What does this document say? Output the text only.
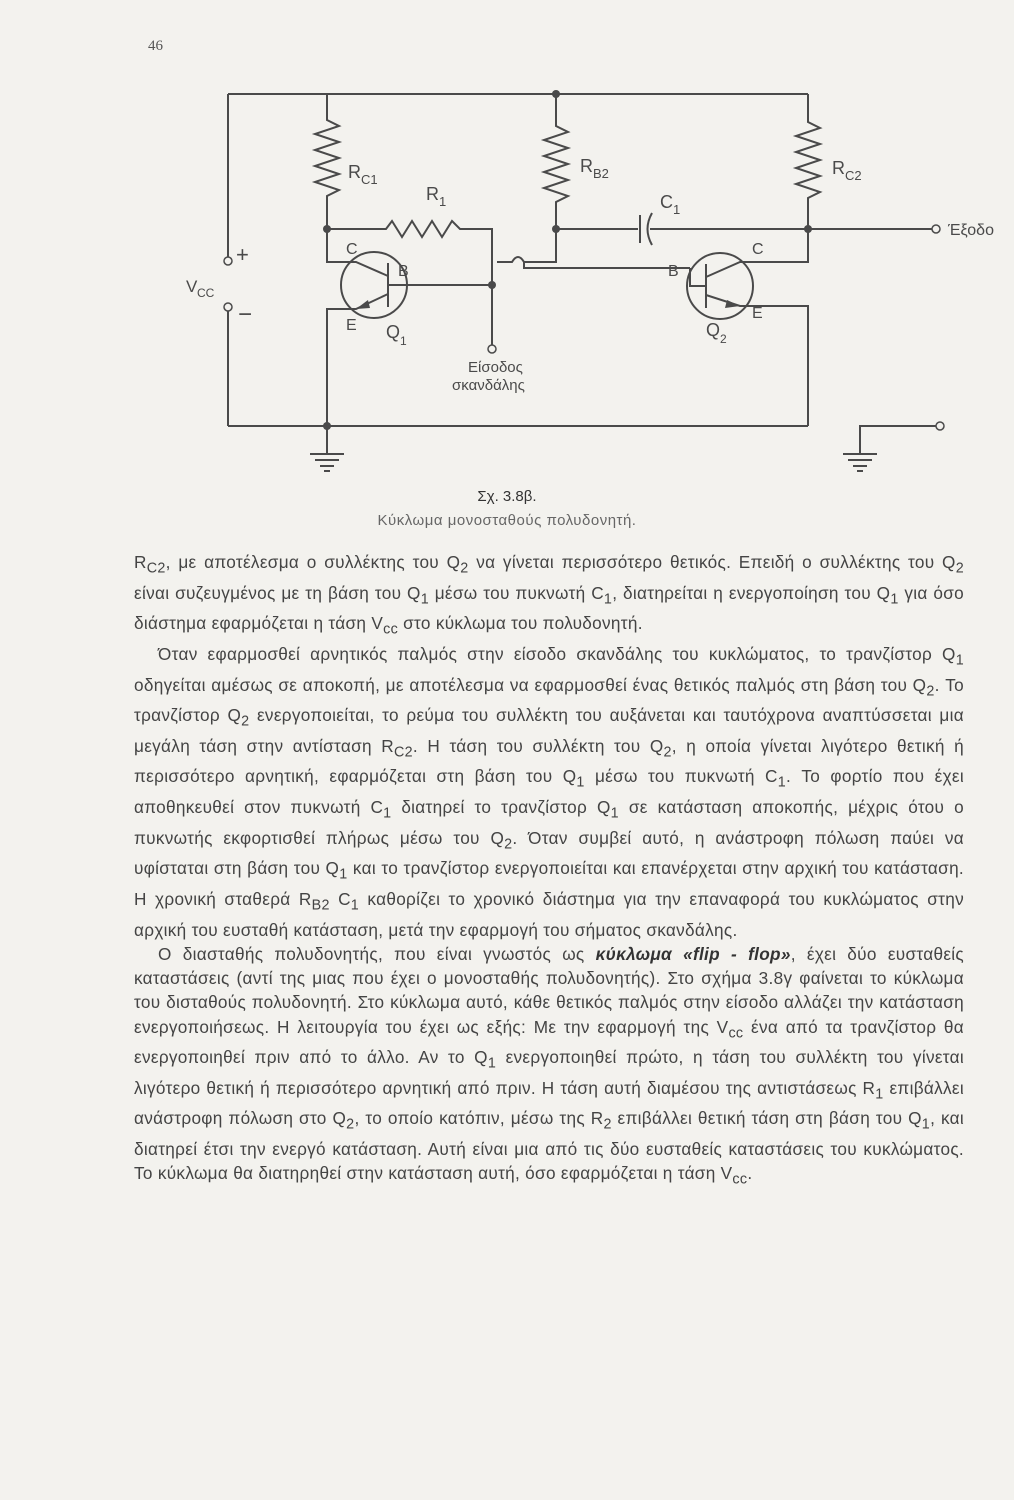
46
+
−
V CC
R C1
R 1
R B2
C 1
R C2
Έξοδο
C
B
E Q 1
C
B
E
Q 2
Είσοδος
σκανδάλης
Σχ. 3.8β.
Κύκλωμα μονοσταθούς πολυδονητή.

$R_{C2}$, με αποτέλεσμα ο συλλέκτης του $Q_2$ να γίνεται περισσότερο θετικός. Επειδή ο συλλέκτης του $Q_2$ είναι συζευγμένος με τη βάση του $Q_1$ μέσω του πυκνωτή $C_1$, διατηρείται η ενεργοποίηση του $Q_1$ για όσο διάστημα εφαρμόζεται η τάση $V_{cc}$ στο κύκλωμα του πολυδονητή.

Όταν εφαρμοσθεί αρνητικός παλμός στην είσοδο σκανδάλης του κυκλώματος, το τρανζίστορ $Q_1$ οδηγείται αμέσως σε αποκοπή, με αποτέλεσμα να εφαρμοσθεί ένας θετικός παλμός στη βάση του $Q_2$. Το τρανζίστορ $Q_2$ ενεργοποιείται, το ρεύμα του συλλέκτη του αυξάνεται και ταυτόχρονα αναπτύσσεται μια μεγάλη τάση στην αντίσταση $R_{C2}$. Η τάση του συλλέκτη του $Q_2$, η οποία γίνεται λιγότερο θετική ή περισσότερο αρνητική, εφαρμόζεται στη βάση του $Q_1$ μέσω του πυκνωτή $C_1$. Το φορτίο που έχει αποθηκευθεί στον πυκνωτή $C_1$ διατηρεί το τρανζίστορ $Q_1$ σε κατάσταση αποκοπής, μέχρις ότου ο πυκνωτής εκφορτισθεί πλήρως μέσω του $Q_2$. Όταν συμβεί αυτό, η ανάστροφη πόλωση παύει να υφίσταται στη βάση του $Q_1$ και το τρανζίστορ ενεργοποιείται και επανέρχεται στην αρχική του κατάσταση. Η χρονική σταθερά $R_{B2}$ $C_1$ καθορίζει το χρονικό διάστημα για την επαναφορά του κυκλώματος στην αρχική του ευσταθή κατάσταση, μετά την εφαρμογή του σήματος σκανδάλης.

Ο διασταθής πολυδονητής, που είναι γνωστός ως κύκλωμα «flip - flop», έχει δύο ευσταθείς καταστάσεις (αντί της μιας που έχει ο μονοσταθής πολυδονητής). Στο σχήμα 3.8γ φαίνεται το κύκλωμα του δισταθούς πολυδονητή. Στο κύκλωμα αυτό, κάθε θετικός παλμός στην είσοδο αλλάζει την κατάσταση ενεργοποιήσεως. Η λειτουργία του έχει ως εξής: Με την εφαρμογή της $V_{cc}$ ένα από τα τρανζίστορ θα ενεργοποιηθεί πριν από το άλλο. Αν το $Q_1$ ενεργοποιηθεί πρώτο, η τάση του συλλέκτη του γίνεται λιγότερο θετική ή περισσότερο αρνητική από πριν. Η τάση αυτή διαμέσου της αντιστάσεως $R_1$ επιβάλλει ανάστροφη πόλωση στο $Q_2$, το οποίο κατόπιν, μέσω της $R_2$ επιβάλλει θετική τάση στη βάση του $Q_1$, και διατηρεί έτσι την ενεργό κατάσταση. Αυτή είναι μια από τις δύο ευσταθείς καταστάσεις του κυκλώματος. Το κύκλωμα θα διατηρηθεί στην κατάσταση αυτή, όσο εφαρμόζεται η τάση $V_{cc}$.
